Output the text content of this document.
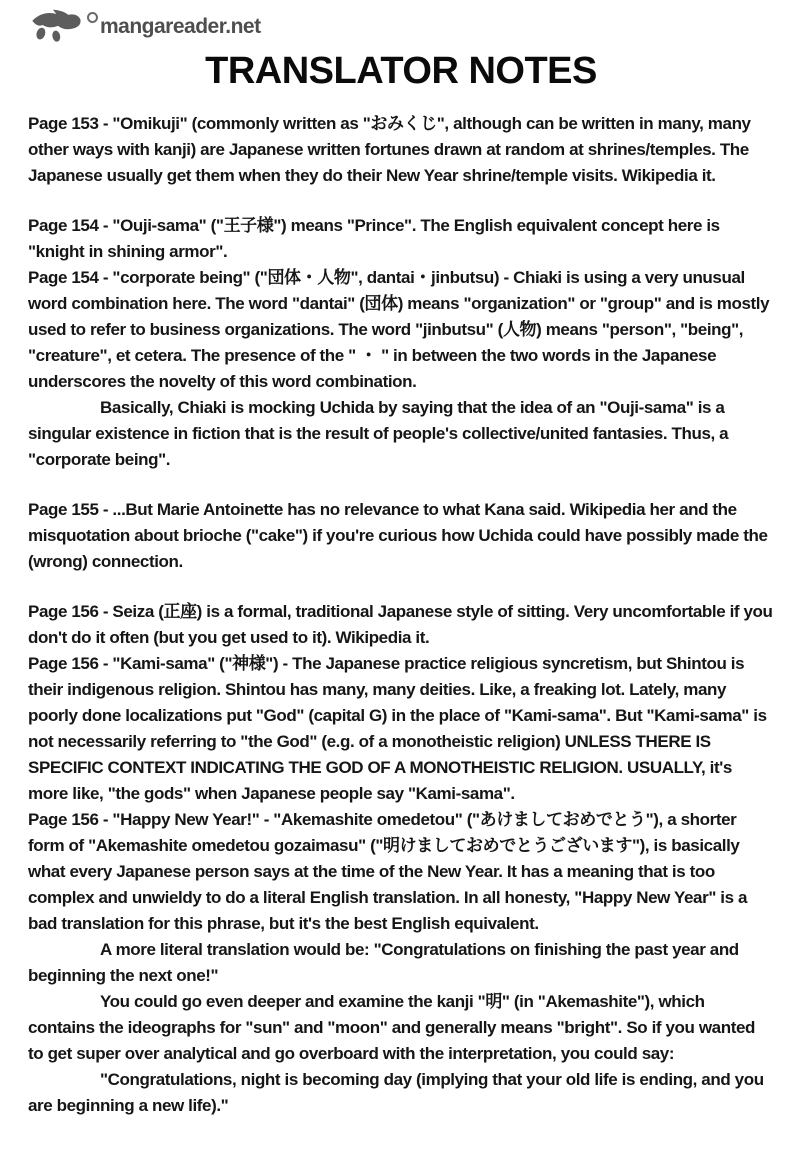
mangareader.net
TRANSLATOR NOTES

Page 153 - "Omikuji" (commonly written as "おみくじ", although can be written in many, many other ways with kanji) are Japanese written fortunes drawn at random at shrines/temples. The Japanese usually get them when they do their New Year shrine/temple visits. Wikipedia it.

Page 154 - "Ouji-sama" ("王子様") means "Prince". The English equivalent concept here is "knight in shining armor".

Page 154 - "corporate being" ("団体・人物", dantai・jinbutsu) - Chiaki is using a very unusual word combination here. The word "dantai" (団体) means "organization" or "group" and is mostly used to refer to business organizations. The word "jinbutsu" (人物) means "person", "being", "creature", et cetera. The presence of the " ・ " in between the two words in the Japanese underscores the novelty of this word combination.

Basically, Chiaki is mocking Uchida by saying that the idea of an "Ouji-sama" is a singular existence in fiction that is the result of people's collective/united fantasies. Thus, a "corporate being".

Page 155 - ...But Marie Antoinette has no relevance to what Kana said. Wikipedia her and the misquotation about brioche ("cake") if you're curious how Uchida could have possibly made the (wrong) connection.

Page 156 - Seiza (正座) is a formal, traditional Japanese style of sitting. Very uncomfortable if you don't do it often (but you get used to it). Wikipedia it.

Page 156 - "Kami-sama" ("神様") - The Japanese practice religious syncretism, but Shintou is their indigenous religion. Shintou has many, many deities. Like, a freaking lot. Lately, many poorly done localizations put "God" (capital G) in the place of "Kami-sama". But "Kami-sama" is not necessarily referring to "the God" (e.g. of a monotheistic religion) UNLESS THERE IS SPECIFIC CONTEXT INDICATING THE GOD OF A MONOTHEISTIC RELIGION. USUALLY, it's more like, "the gods" when Japanese people say "Kami-sama".

Page 156 - "Happy New Year!" - "Akemashite omedetou" ("あけましておめでとう"), a shorter form of "Akemashite omedetou gozaimasu" ("明けましておめでとうございます"), is basically what every Japanese person says at the time of the New Year. It has a meaning that is too complex and unwieldy to do a literal English translation. In all honesty, "Happy New Year" is a bad translation for this phrase, but it's the best English equivalent.

A more literal translation would be: "Congratulations on finishing the past year and beginning the next one!"

You could go even deeper and examine the kanji "明" (in "Akemashite"), which contains the ideographs for "sun" and "moon" and generally means "bright". So if you wanted to get super over analytical and go overboard with the interpretation, you could say:

"Congratulations, night is becoming day (implying that your old life is ending, and you are beginning a new life)."
